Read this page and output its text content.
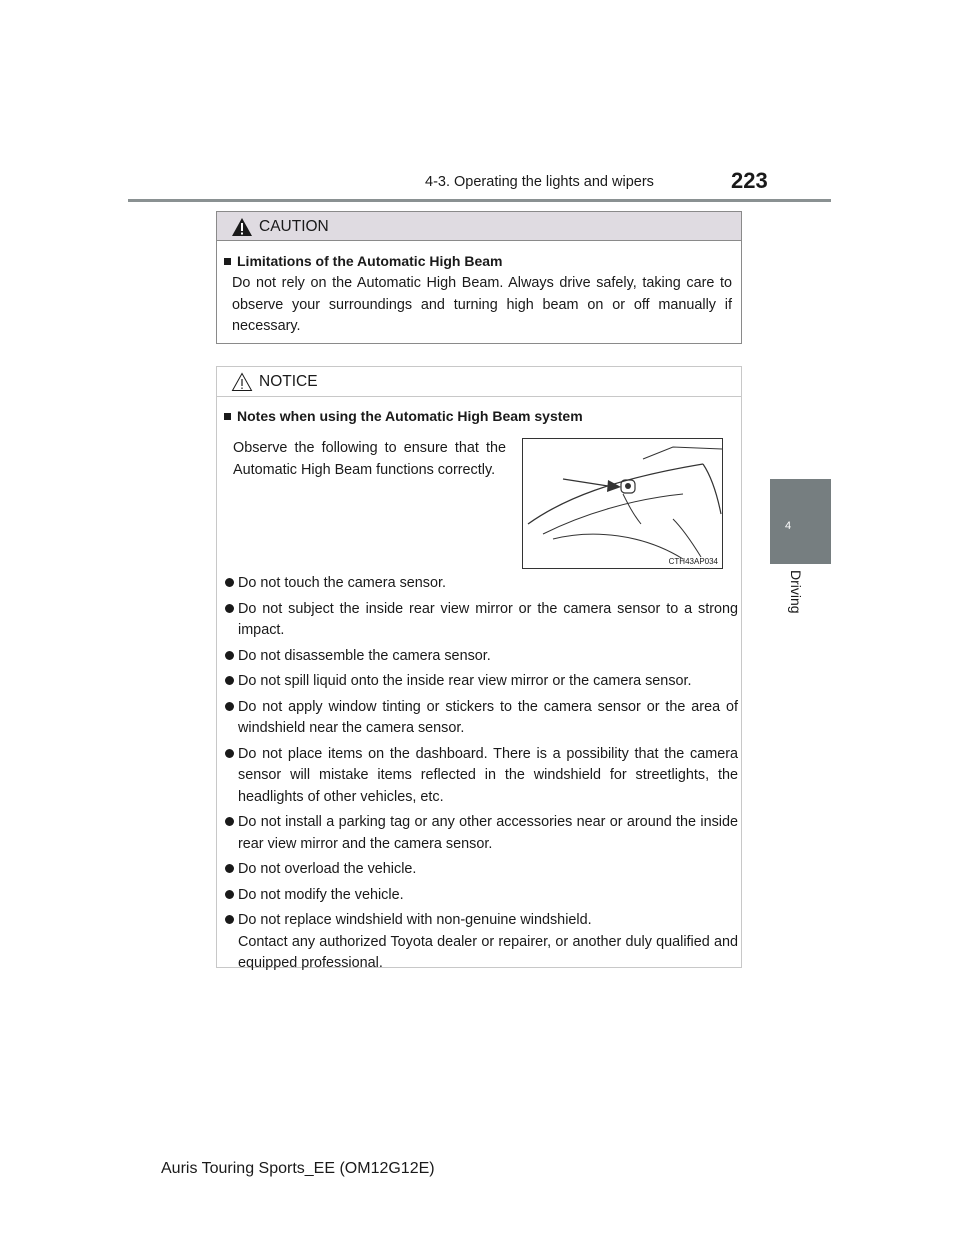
4-3. Operating the lights and wipers	223
4
Driving
CAUTION
Limitations of the Automatic High Beam
Do not rely on the Automatic High Beam. Always drive safely, taking care to observe your surroundings and turning high beam on or off manually if necessary.
NOTICE
Notes when using the Automatic High Beam system
Observe the following to ensure that the Automatic High Beam functions correctly.
CTH43AP034
Do not touch the camera sensor.
Do not subject the inside rear view mirror or the camera sensor to a strong impact.
Do not disassemble the camera sensor.
Do not spill liquid onto the inside rear view mirror or the camera sensor.
Do not apply window tinting or stickers to the camera sensor or the area of windshield near the camera sensor.
Do not place items on the dashboard. There is a possibility that the camera sensor will mistake items reflected in the windshield for streetlights, the headlights of other vehicles, etc.
Do not install a parking tag or any other accessories near or around the inside rear view mirror and the camera sensor.
Do not overload the vehicle.
Do not modify the vehicle.
Do not replace windshield with non-genuine windshield.
Contact any authorized Toyota dealer or repairer, or another duly qualified and equipped professional.
Auris Touring Sports_EE (OM12G12E)
